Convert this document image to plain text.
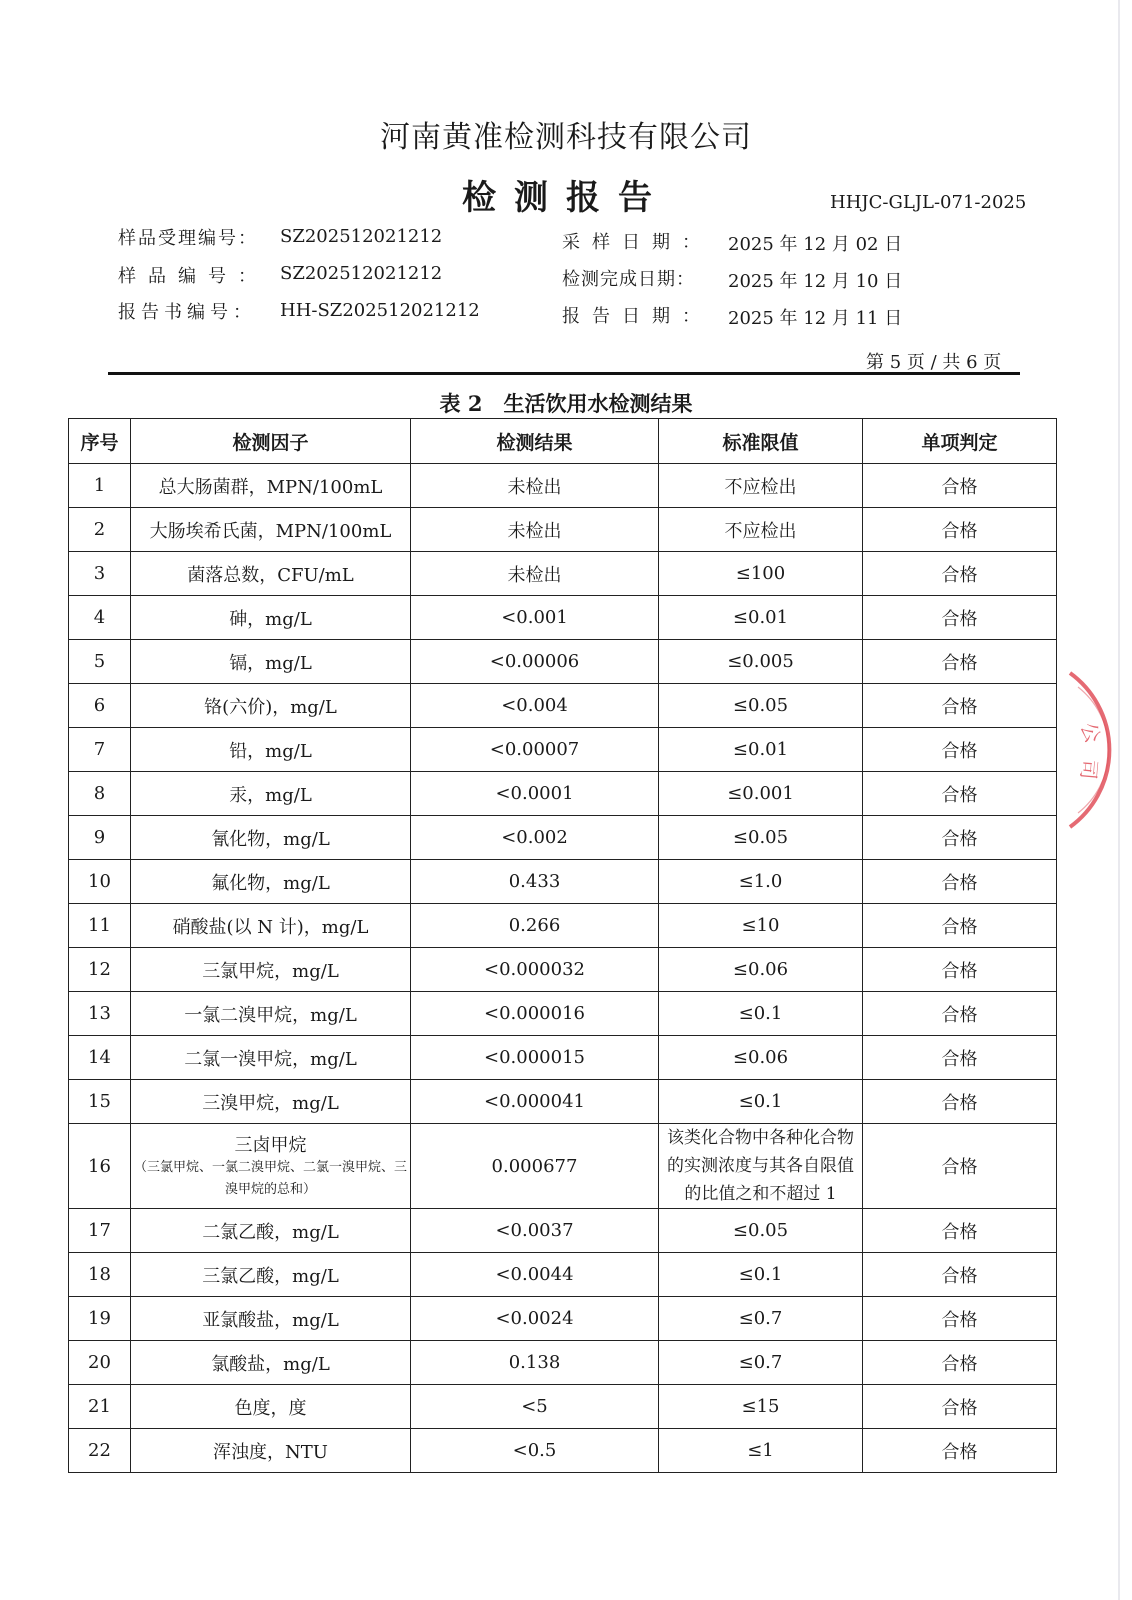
河南黄准检测科技有限公司
检测报告	HHJC-GLJL-071-2025
样品受理编号： SZ202512021212
样品编号： SZ202512021212
报告书编号： HH-SZ202512021212
采样日期： 2025 年 12 月 02 日
检测完成日期： 2025 年 12 月 10 日
报告日期： 2025 年 12 月 11 日
第 5 页 / 共 6 页
表 2　生活饮用水检测结果
序号	检测因子	检测结果	标准限值	单项判定
1	总大肠菌群，MPN/100mL	未检出	不应检出	合格
2	大肠埃希氏菌，MPN/100mL	未检出	不应检出	合格
3	菌落总数，CFU/mL	未检出	≤100	合格
4	砷，mg/L	<0.001	≤0.01	合格
5	镉，mg/L	<0.00006	≤0.005	合格
6	铬(六价)，mg/L	<0.004	≤0.05	合格
7	铅，mg/L	<0.00007	≤0.01	合格
8	汞，mg/L	<0.0001	≤0.001	合格
9	氰化物，mg/L	<0.002	≤0.05	合格
10	氟化物，mg/L	0.433	≤1.0	合格
11	硝酸盐(以 N 计)，mg/L	0.266	≤10	合格
12	三氯甲烷，mg/L	<0.000032	≤0.06	合格
13	一氯二溴甲烷，mg/L	<0.000016	≤0.1	合格
14	二氯一溴甲烷，mg/L	<0.000015	≤0.06	合格
15	三溴甲烷，mg/L	<0.000041	≤0.1	合格
16	三卤甲烷
（三氯甲烷、一氯二溴甲烷、二氯一溴甲烷、三溴甲烷的总和）	0.000677	该类化合物中各种化合物的实测浓度与其各自限值的比值之和不超过 1	合格
17	二氯乙酸，mg/L	<0.0037	≤0.05	合格
18	三氯乙酸，mg/L	<0.0044	≤0.1	合格
19	亚氯酸盐，mg/L	<0.0024	≤0.7	合格
20	氯酸盐，mg/L	0.138	≤0.7	合格
21	色度，度	<5	≤15	合格
22	浑浊度，NTU	<0.5	≤1	合格
公
司
